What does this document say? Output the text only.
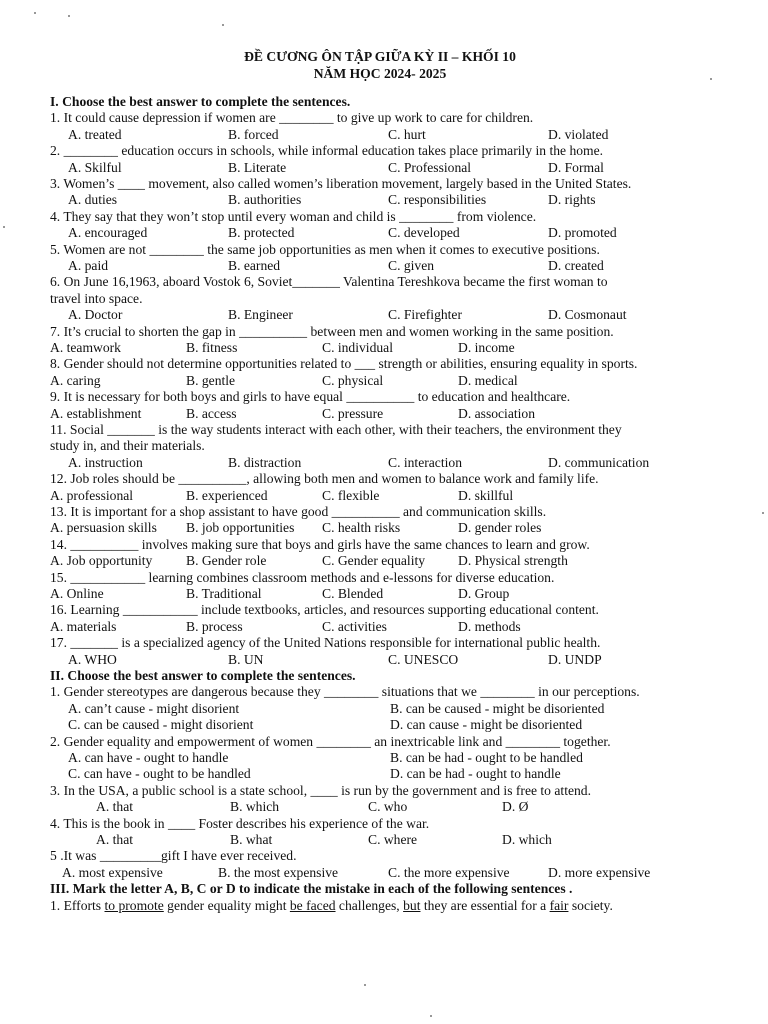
ĐỀ CƯƠNG ÔN TẬP GIỮA KỲ II – KHỐI 10
NĂM HỌC 2024- 2025
I. Choose the best answer to complete the sentences.
1. It could cause depression if women are ________ to give up work to care for children.
A. treated	B. forced	C. hurt	D. violated
2. ________ education occurs in schools, while informal education takes place primarily in the home.
A. Skilful	B. Literate	C. Professional	D. Formal
3. Women’s ____ movement, also called women’s liberation movement, largely based in the United States.
A. duties	B. authorities	C. responsibilities	D. rights
4. They say that they won’t stop until every woman and child is ________ from violence.
A. encouraged	B. protected	C. developed	D. promoted
5. Women are not ________ the same job opportunities as men when it comes to executive positions.
A. paid	B. earned	C. given	D. created
6. On June 16,1963, aboard Vostok 6, Soviet_______ Valentina Tereshkova became the first woman to
travel into space.
A. Doctor	B. Engineer	C. Firefighter	D. Cosmonaut
7. It’s crucial to shorten the gap in __________ between men and women working in the same position.
A. teamwork	B. fitness	C. individual	D. income
8. Gender should not determine opportunities related to ___ strength or abilities, ensuring equality in sports.
A. caring	B. gentle	C. physical	D. medical
9. It is necessary for both boys and girls to have equal __________ to education and healthcare.
A. establishment	B. access	C. pressure	D. association
11. Social _______ is the way students interact with each other, with their teachers, the environment they
study in, and their materials.
A. instruction	B. distraction	C. interaction	D. communication
12. Job roles should be __________, allowing both men and women to balance work and family life.
A. professional	B. experienced	C. flexible	D. skillful
13. It is important for a shop assistant to have good __________ and communication skills.
A. persuasion skills B. job opportunities C. health risks	D. gender roles
14. __________ involves making sure that boys and girls have the same chances to learn and grow.
A. Job opportunity B. Gender role	C. Gender equality D. Physical strength
15. ___________ learning combines classroom methods and e-lessons for diverse education.
A. Online	B. Traditional	C. Blended	D. Group
16. Learning ___________ include textbooks, articles, and resources supporting educational content.
A. materials	B. process	C. activities	D. methods
17. _______ is a specialized agency of the United Nations responsible for international public health.
A. WHO	B. UN	C. UNESCO	D. UNDP
II. Choose the best answer to complete the sentences.
1. Gender stereotypes are dangerous because they ________ situations that we ________ in our perceptions.
A. can’t cause - might disorient	B. can be caused - might be disoriented
C. can be caused - might disorient	D. can cause - might be disoriented
2. Gender equality and empowerment of women ________ an inextricable link and ________ together.
A. can have - ought to handle	B. can be had - ought to be handled
C. can have - ought to be handled	D. can be had - ought to handle
3. In the USA, a public school is a state school, ____ is run by the government and is free to attend.
A. that	B. which	C. who	D. Ø
4. This is the book in ____ Foster describes his experience of the war.
A. that	B. what	C. where	D. which
5 .It was _________gift I have ever received.
A. most expensive	B. the most expensive	C. the more expensive	D. more expensive
III. Mark the letter A, B, C or D to indicate the mistake in each of the following sentences .
1. Efforts to promote gender equality might be faced challenges, but they are essential for a fair society.
